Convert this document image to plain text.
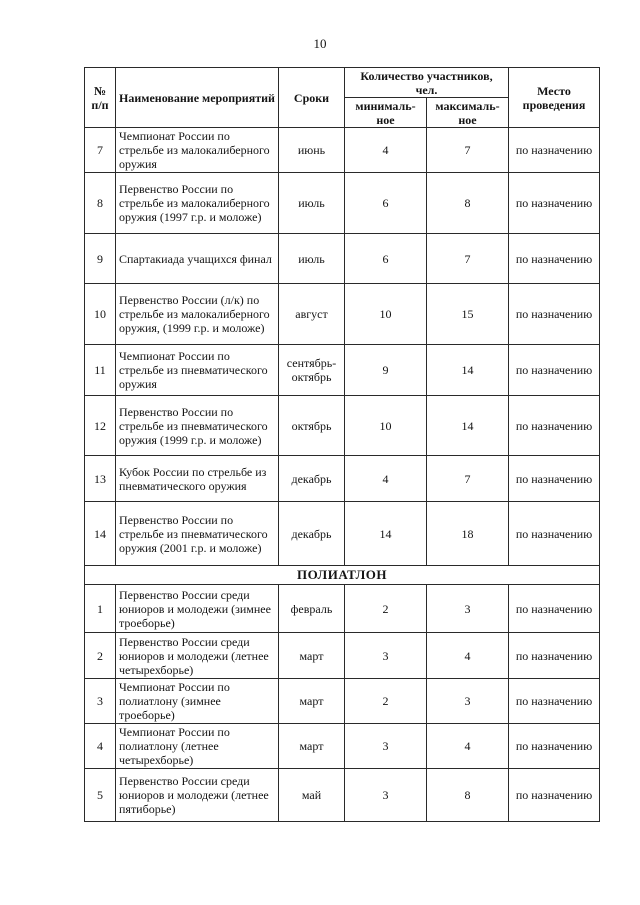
10
№ п/п	Наименование мероприятий	Сроки	Количество участников, чел.		Место проведения
			минималь-ное	максималь-ное	
7	Чемпионат России по стрельбе из малокалиберного оружия	июнь	4	7	по назначению
8	Первенство России по стрельбе из малокалиберного оружия (1997 г.р. и моложе)	июль	6	8	по назначению
9	Спартакиада учащихся финал	июль	6	7	по назначению
10	Первенство России (л/к) по стрельбе из малокалиберного оружия, (1999 г.р. и моложе)	август	10	15	по назначению
11	Чемпионат России по стрельбе из пневматического оружия	сентябрь-октябрь	9	14	по назначению
12	Первенство России по стрельбе из пневматического оружия (1999 г.р. и моложе)	октябрь	10	14	по назначению
13	Кубок России по стрельбе из пневматического оружия	декабрь	4	7	по назначению
14	Первенство России по стрельбе из пневматического оружия (2001 г.р. и моложе)	декабрь	14	18	по назначению
ПОЛИАТЛОН					
1	Первенство России среди юниоров и молодежи (зимнее троеборье)	февраль	2	3	по назначению
2	Первенство России среди юниоров и молодежи (летнее четырехборье)	март	3	4	по назначению
3	Чемпионат России по полиатлону (зимнее троеборье)	март	2	3	по назначению
4	Чемпионат России по полиатлону (летнее четырехборье)	март	3	4	по назначению
5	Первенство России среди юниоров и молодежи (летнее пятиборье)	май	3	8	по назначению
